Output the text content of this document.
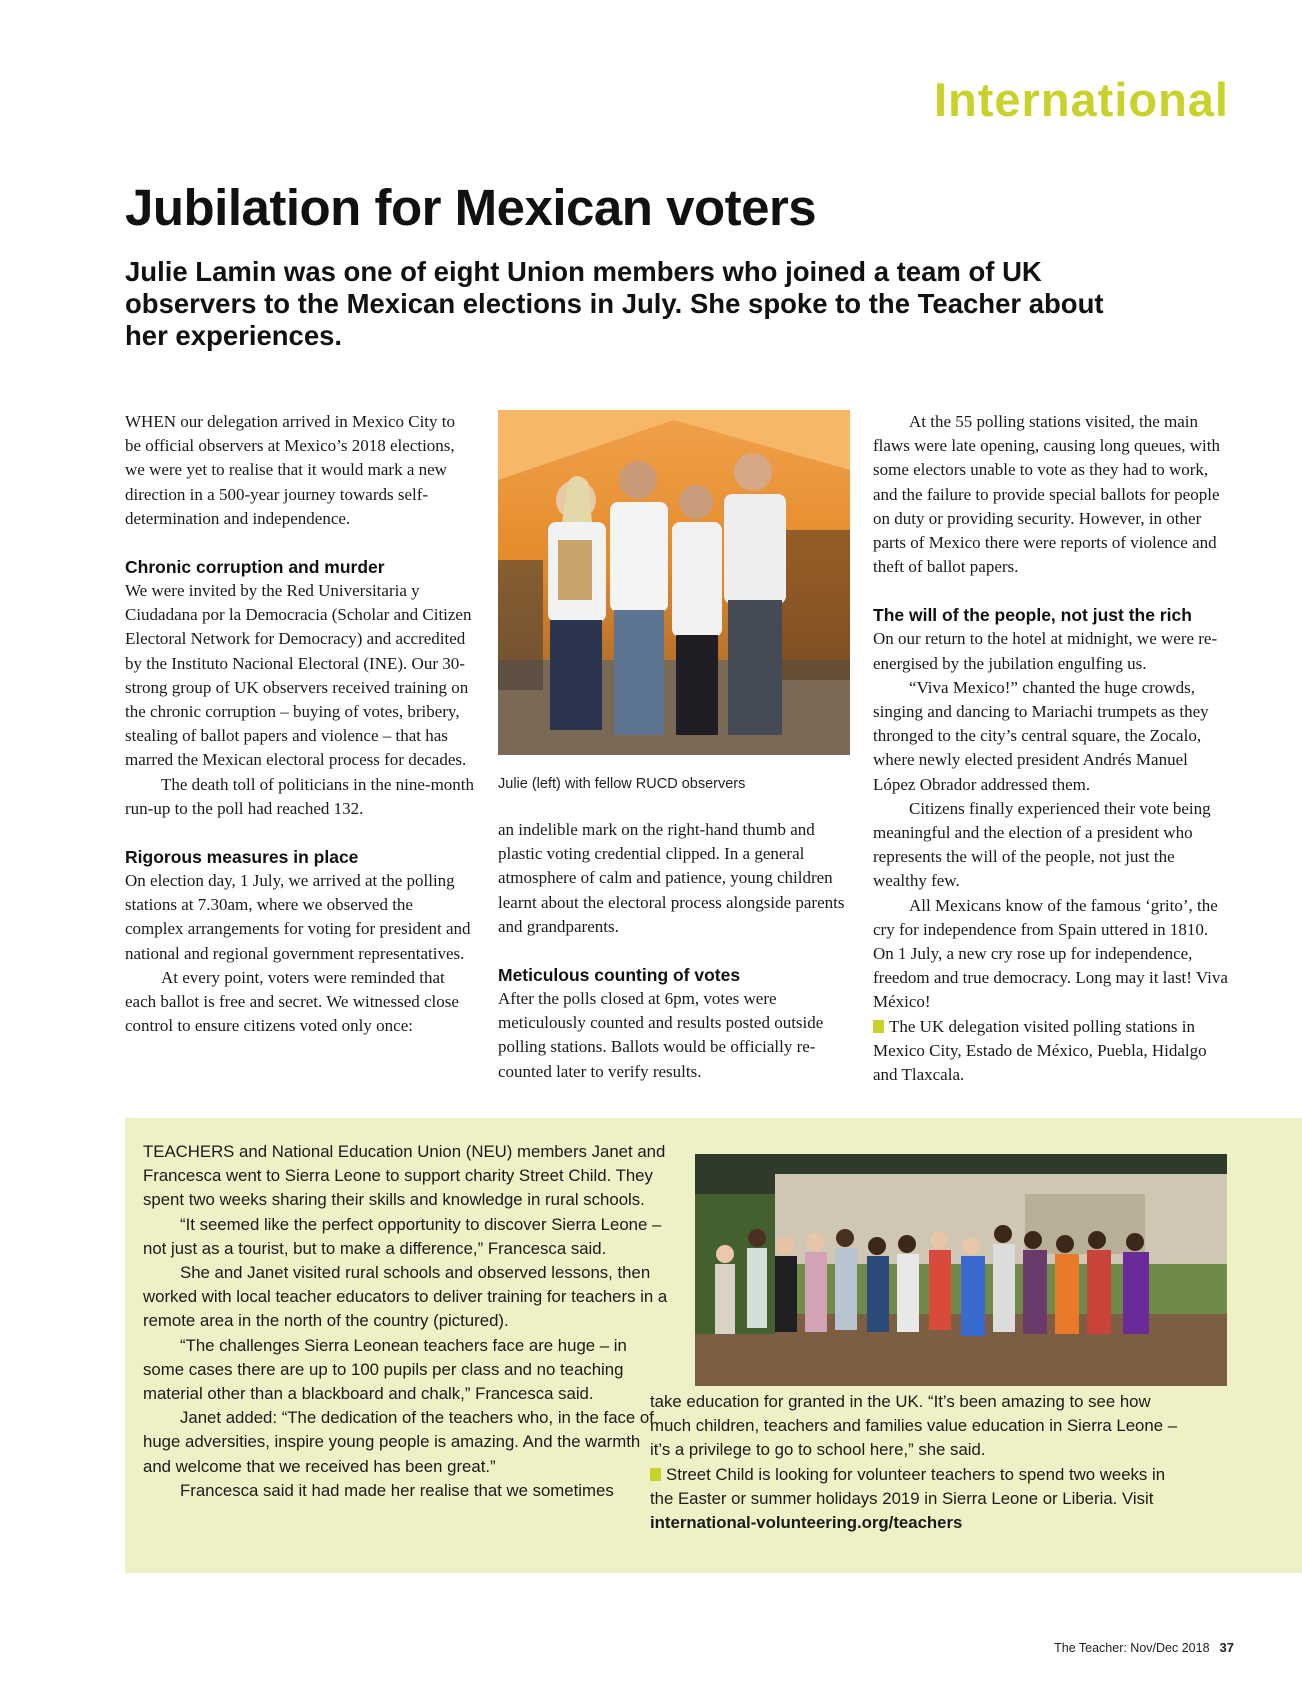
International
Jubilation for Mexican voters

Julie Lamin was one of eight Union members who joined a team of UK observers to the Mexican elections in July. She spoke to the Teacher about her experiences.

WHEN our delegation arrived in Mexico City to be official observers at Mexico’s 2018 elections, we were yet to realise that it would mark a new direction in a 500-year journey towards self-determination and independence.

Chronic corruption and murder

We were invited by the Red Universitaria y Ciudadana por la Democracia (Scholar and Citizen Electoral Network for Democracy) and accredited by the Instituto Nacional Electoral (INE). Our 30-strong group of UK observers received training on the chronic corruption – buying of votes, bribery, stealing of ballot papers and violence – that has marred the Mexican electoral process for decades.

The death toll of politicians in the nine-month run-up to the poll had reached 132.

Rigorous measures in place

On election day, 1 July, we arrived at the polling stations at 7.30am, where we observed the complex arrangements for voting for president and national and regional government representatives.

At every point, voters were reminded that each ballot is free and secret. We witnessed close control to ensure citizens voted only once:

Julie (left) with fellow RUCD observers

an indelible mark on the right-hand thumb and plastic voting credential clipped. In a general atmosphere of calm and patience, young children learnt about the electoral process alongside parents and grandparents.

Meticulous counting of votes

After the polls closed at 6pm, votes were meticulously counted and results posted outside polling stations. Ballots would be officially re-counted later to verify results.

At the 55 polling stations visited, the main flaws were late opening, causing long queues, with some electors unable to vote as they had to work, and the failure to provide special ballots for people on duty or providing security. However, in other parts of Mexico there were reports of violence and theft of ballot papers.

The will of the people, not just the rich

On our return to the hotel at midnight, we were re-energised by the jubilation engulfing us.

“Viva Mexico!” chanted the huge crowds, singing and dancing to Mariachi trumpets as they thronged to the city’s central square, the Zocalo, where newly elected president Andrés Manuel López Obrador addressed them.

Citizens finally experienced their vote being meaningful and the election of a president who represents the will of the people, not just the wealthy few.

All Mexicans know of the famous ‘grito’, the cry for independence from Spain uttered in 1810. On 1 July, a new cry rose up for independence, freedom and true democracy. Long may it last! Viva México!

The UK delegation visited polling stations in Mexico City, Estado de México, Puebla, Hidalgo and Tlaxcala.

TEACHERS and National Education Union (NEU) members Janet and Francesca went to Sierra Leone to support charity Street Child. They spent two weeks sharing their skills and knowledge in rural schools.

“It seemed like the perfect opportunity to discover Sierra Leone – not just as a tourist, but to make a difference,” Francesca said.

She and Janet visited rural schools and observed lessons, then worked with local teacher educators to deliver training for teachers in a remote area in the north of the country (pictured).

“The challenges Sierra Leonean teachers face are huge – in some cases there are up to 100 pupils per class and no teaching material other than a blackboard and chalk,” Francesca said.

Janet added: “The dedication of the teachers who, in the face of huge adversities, inspire young people is amazing. And the warmth and welcome that we received has been great.”

Francesca said it had made her realise that we sometimes

take education for granted in the UK. “It’s been amazing to see how much children, teachers and families value education in Sierra Leone – it’s a privilege to go to school here,” she said.

Street Child is looking for volunteer teachers to spend two weeks in the Easter or summer holidays 2019 in Sierra Leone or Liberia. Visit international-volunteering.org/teachers

The Teacher: Nov/Dec 2018 37
